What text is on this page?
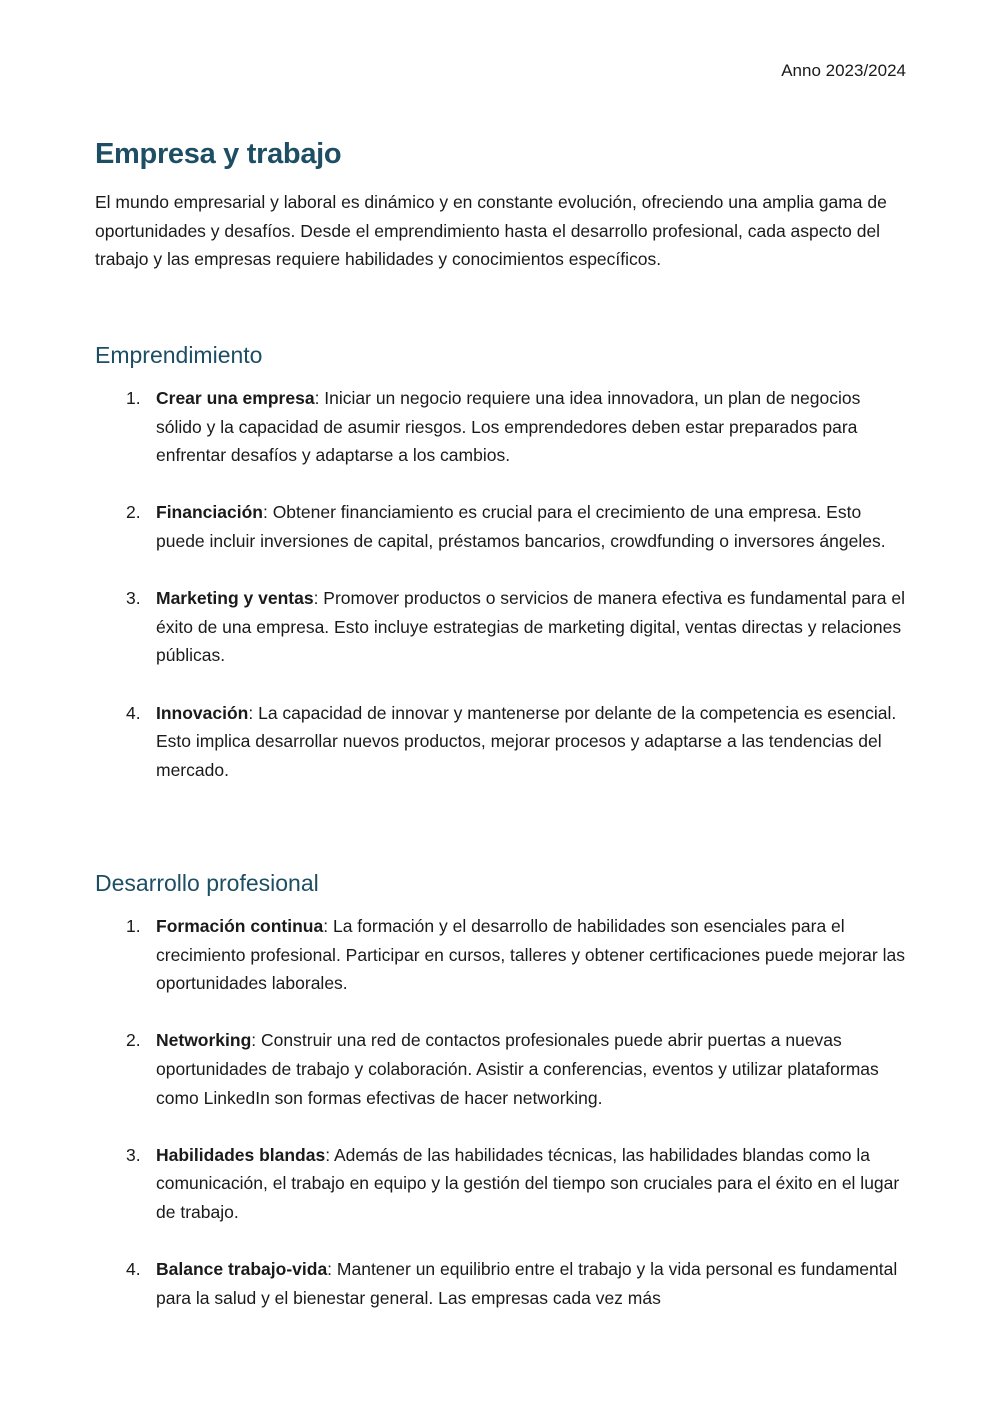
Anno 2023/2024
Empresa y trabajo

El mundo empresarial y laboral es dinámico y en constante evolución, ofreciendo una amplia gama de oportunidades y desafíos. Desde el emprendimiento hasta el desarrollo profesional, cada aspecto del trabajo y las empresas requiere habilidades y conocimientos específicos.

Emprendimiento
1. Crear una empresa: Iniciar un negocio requiere una idea innovadora, un plan de negocios sólido y la capacidad de asumir riesgos. Los emprendedores deben estar preparados para enfrentar desafíos y adaptarse a los cambios.
2. Financiación: Obtener financiamiento es crucial para el crecimiento de una empresa. Esto puede incluir inversiones de capital, préstamos bancarios, crowdfunding o inversores ángeles.
3. Marketing y ventas: Promover productos o servicios de manera efectiva es fundamental para el éxito de una empresa. Esto incluye estrategias de marketing digital, ventas directas y relaciones públicas.
4. Innovación: La capacidad de innovar y mantenerse por delante de la competencia es esencial. Esto implica desarrollar nuevos productos, mejorar procesos y adaptarse a las tendencias del mercado.
Desarrollo profesional
1. Formación continua: La formación y el desarrollo de habilidades son esenciales para el crecimiento profesional. Participar en cursos, talleres y obtener certificaciones puede mejorar las oportunidades laborales.
2. Networking: Construir una red de contactos profesionales puede abrir puertas a nuevas oportunidades de trabajo y colaboración. Asistir a conferencias, eventos y utilizar plataformas como LinkedIn son formas efectivas de hacer networking.
3. Habilidades blandas: Además de las habilidades técnicas, las habilidades blandas como la comunicación, el trabajo en equipo y la gestión del tiempo son cruciales para el éxito en el lugar de trabajo.
4. Balance trabajo-vida: Mantener un equilibrio entre el trabajo y la vida personal es fundamental para la salud y el bienestar general. Las empresas cada vez más
